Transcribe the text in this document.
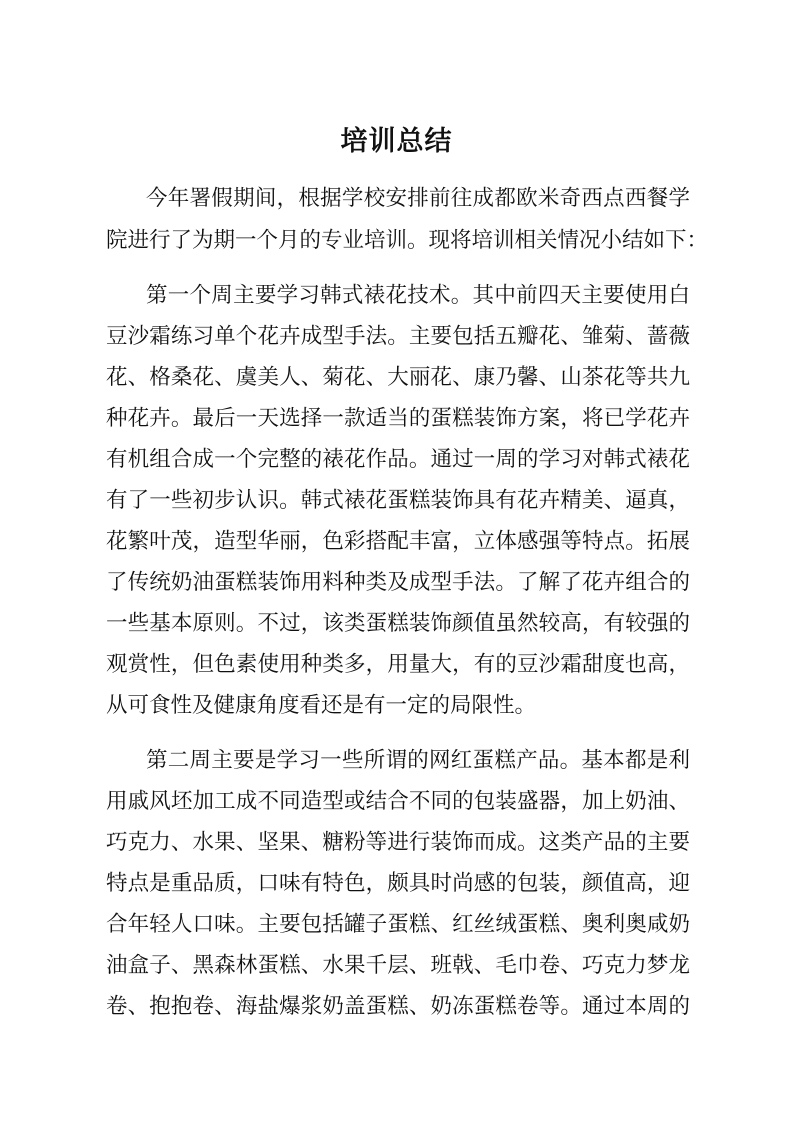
培训总结

今年署假期间，根据学校安排前往成都欧米奇西点西餐学

院进行了为期一个月的专业培训。现将培训相关情况小结如下：

第一个周主要学习韩式裱花技术。其中前四天主要使用白

豆沙霜练习单个花卉成型手法。主要包括五瓣花、雏菊、蔷薇

花、格桑花、虞美人、菊花、大丽花、康乃馨、山茶花等共九

种花卉。最后一天选择一款适当的蛋糕装饰方案，将已学花卉

有机组合成一个完整的裱花作品。通过一周的学习对韩式裱花

有了一些初步认识。韩式裱花蛋糕装饰具有花卉精美、逼真，

花繁叶茂，造型华丽，色彩搭配丰富，立体感强等特点。拓展

了传统奶油蛋糕装饰用料种类及成型手法。了解了花卉组合的

一些基本原则。不过，该类蛋糕装饰颜值虽然较高，有较强的

观赏性，但色素使用种类多，用量大，有的豆沙霜甜度也高，

从可食性及健康角度看还是有一定的局限性。

第二周主要是学习一些所谓的网红蛋糕产品。基本都是利

用戚风坯加工成不同造型或结合不同的包装盛器，加上奶油、

巧克力、水果、坚果、糖粉等进行装饰而成。这类产品的主要

特点是重品质，口味有特色，颇具时尚感的包装，颜值高，迎

合年轻人口味。主要包括罐子蛋糕、红丝绒蛋糕、奥利奥咸奶

油盒子、黑森林蛋糕、水果千层、班戟、毛巾卷、巧克力梦龙

卷、抱抱卷、海盐爆浆奶盖蛋糕、奶冻蛋糕卷等。通过本周的
